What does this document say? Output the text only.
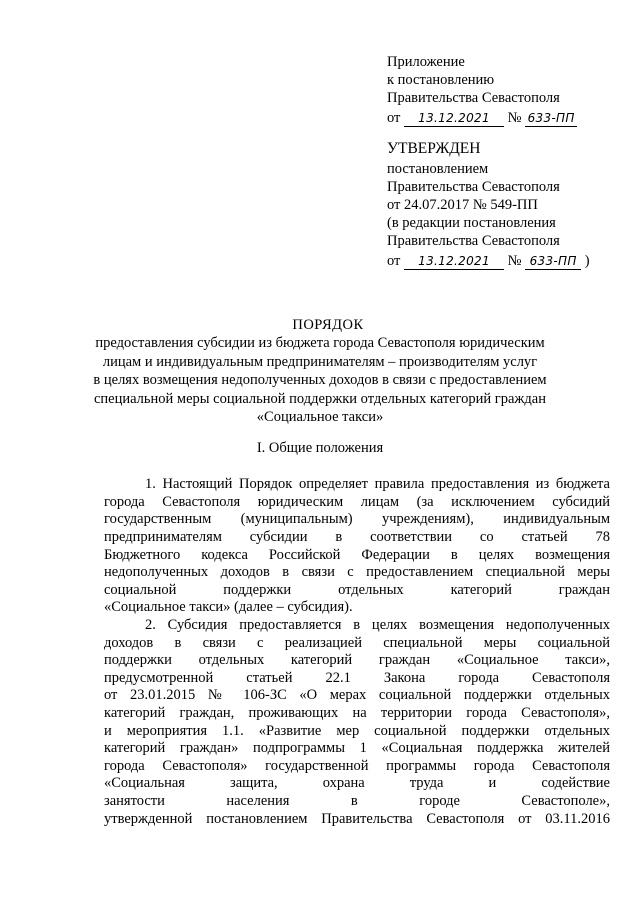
Приложение
к постановлению
Правительства Севастополя
от 13.12.2021 № 633-ПП
УТВЕРЖДЕН
постановлением
Правительства Севастополя
от 24.07.2017 № 549-ПП
(в редакции постановления
Правительства Севастополя
от 13.12.2021 № 633-ПП )
ПОРЯДОК
предоставления субсидии из бюджета города Севастополя юридическим
лицам и индивидуальным предпринимателям – производителям услуг
в целях возмещения недополученных доходов в связи с предоставлением
специальной меры социальной поддержки отдельных категорий граждан
«Социальное такси»
I. Общие положения
1. Настоящий Порядок определяет правила предоставления из бюджета
города Севастополя юридическим лицам (за исключением субсидий
государственным (муниципальным) учреждениям), индивидуальным
предпринимателям субсидии в соответствии со статьей 78
Бюджетного кодекса Российской Федерации в целях возмещения
недополученных доходов в связи с предоставлением специальной меры
социальной поддержки отдельных категорий граждан
«Социальное такси» (далее – субсидия).
2. Субсидия предоставляется в целях возмещения недополученных
доходов в связи с реализацией специальной меры социальной
поддержки отдельных категорий граждан «Социальное такси»,
предусмотренной статьей 22.1 Закона города Севастополя
от 23.01.2015 № 106-ЗС «О мерах социальной поддержки отдельных
категорий граждан, проживающих на территории города Севастополя»,
и мероприятия 1.1. «Развитие мер социальной поддержки отдельных
категорий граждан» подпрограммы 1 «Социальная поддержка жителей
города Севастополя» государственной программы города Севастополя
«Социальная защита, охрана труда и содействие
занятости населения в городе Севастополе»,
утвержденной постановлением Правительства Севастополя от 03.11.2016
